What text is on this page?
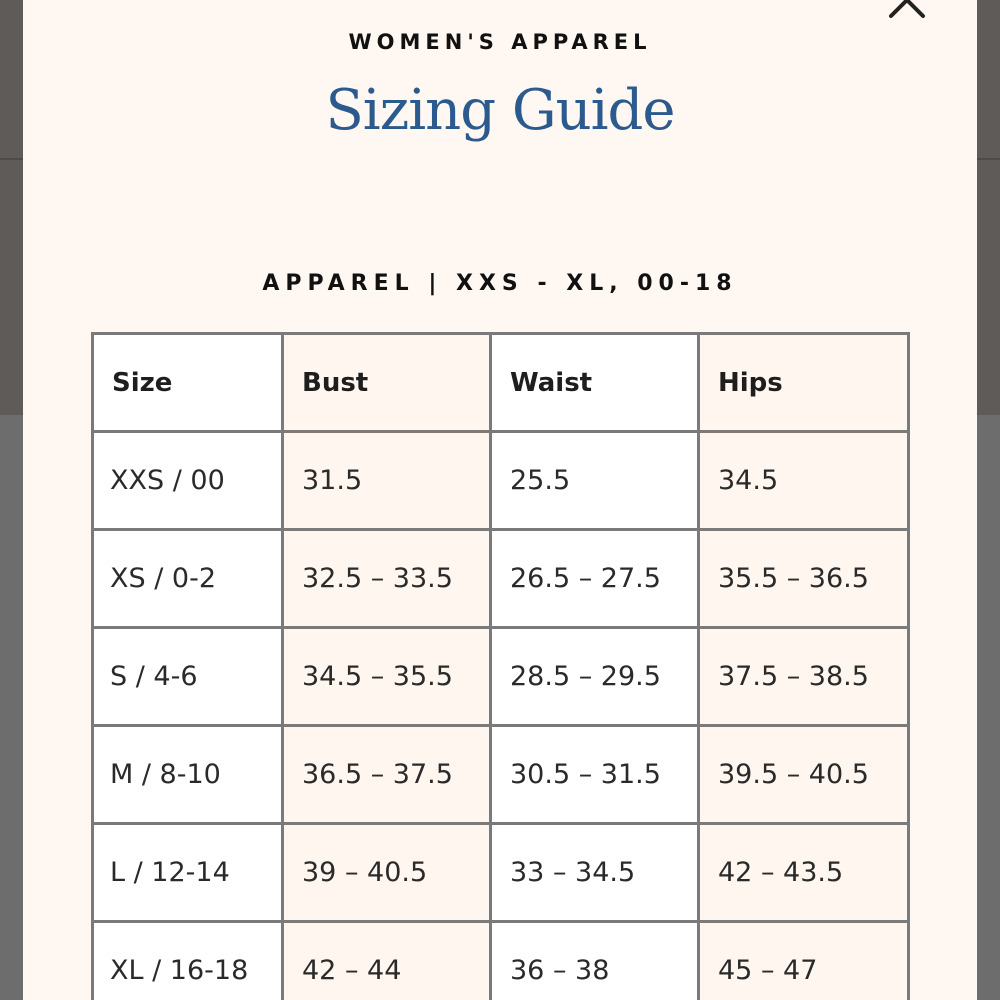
WOMEN'S APPAREL
Sizing Guide
APPAREL | XXS - XL, 00-18
Size	Bust	Waist	Hips
XXS / 00	31.5	25.5	34.5
XS / 0-2	32.5 – 33.5	26.5 – 27.5	35.5 – 36.5
S / 4-6	34.5 – 35.5	28.5 – 29.5	37.5 – 38.5
M / 8-10	36.5 – 37.5	30.5 – 31.5	39.5 – 40.5
L / 12-14	39 – 40.5	33 – 34.5	42 – 43.5
XL / 16-18	42 – 44	36 – 38	45 – 47
